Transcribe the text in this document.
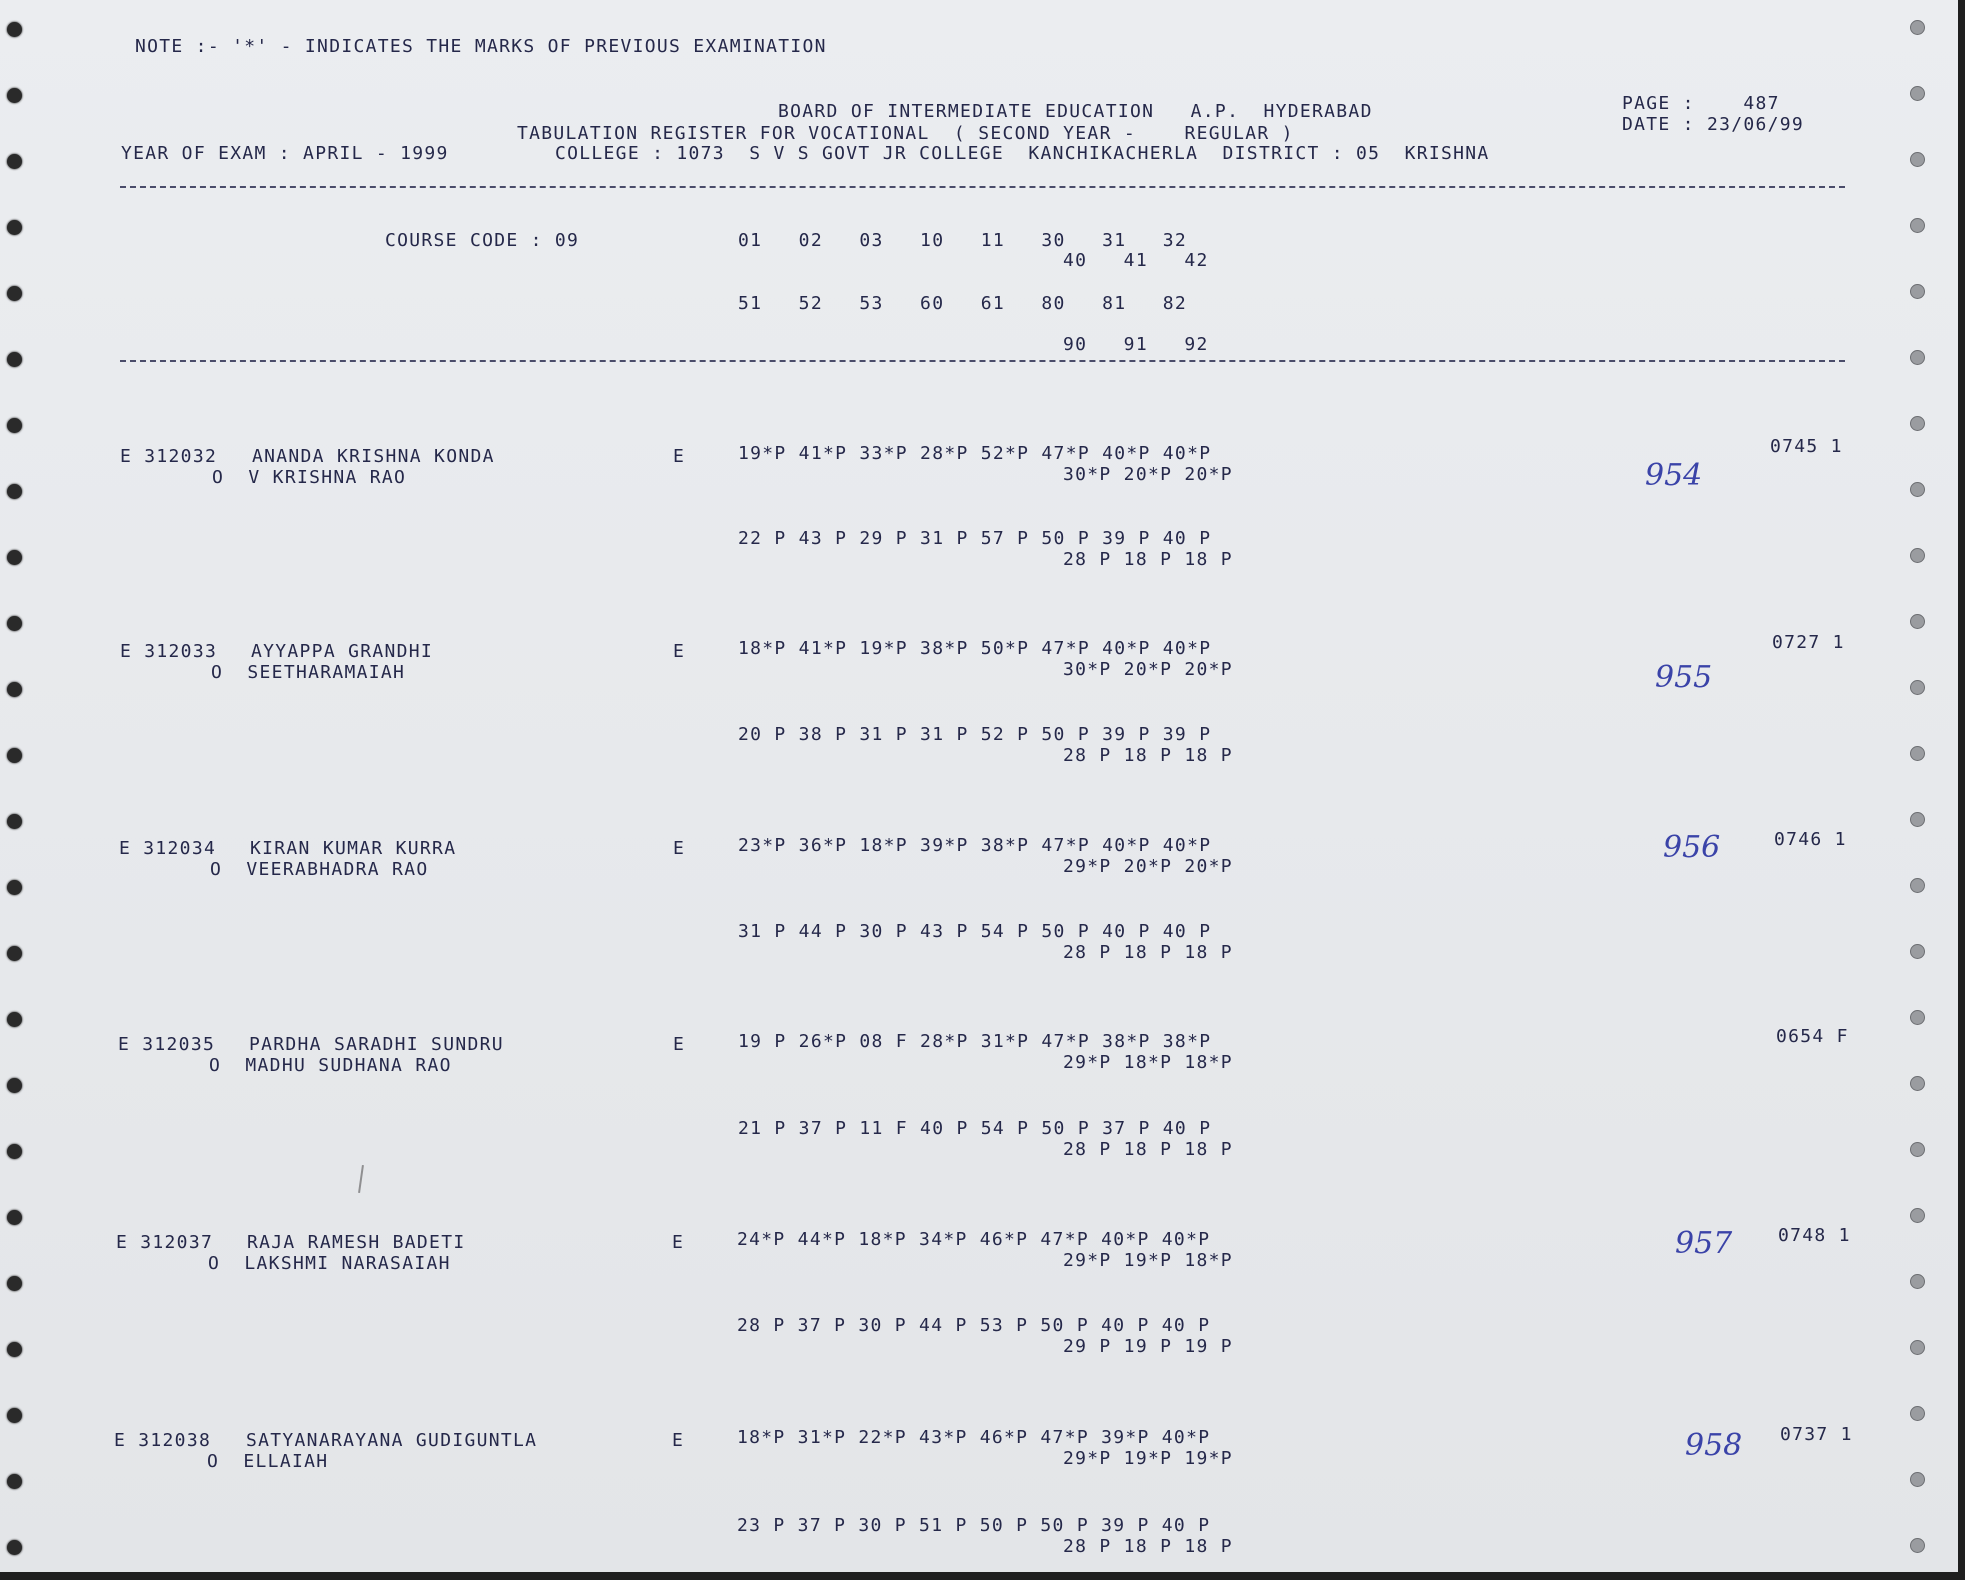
NOTE :- '*' - INDICATES THE MARKS OF PREVIOUS EXAMINATION
BOARD OF INTERMEDIATE EDUCATION   A.P.  HYDERABAD
TABULATION REGISTER FOR VOCATIONAL  ( SECOND YEAR -    REGULAR )
YEAR OF EXAM : APRIL - 1999	COLLEGE : 1073  S V S GOVT JR COLLEGE  KANCHIKACHERLA  DISTRICT : 05  KRISHNA
PAGE :    487
DATE : 23/06/99
COURSE CODE : 09	01   02   03   10   11   30   31   32
40   41   42
51   52   53   60   61   80   81   82
90   91   92
E 312032 ANANDA KRISHNA KONDA
O  V KRISHNA RAO
E	19*P 41*P 33*P 28*P 52*P 47*P 40*P 40*P
30*P 20*P 20*P
22 P 43 P 29 P 31 P 57 P 50 P 39 P 40 P
28 P 18 P 18 P
0745 1
954
E 312033 AYYAPPA GRANDHI
O  SEETHARAMAIAH
E	18*P 41*P 19*P 38*P 50*P 47*P 40*P 40*P
30*P 20*P 20*P
20 P 38 P 31 P 31 P 52 P 50 P 39 P 39 P
28 P 18 P 18 P
0727 1
955
E 312034 KIRAN KUMAR KURRA
O  VEERABHADRA RAO
E	23*P 36*P 18*P 39*P 38*P 47*P 40*P 40*P
29*P 20*P 20*P
31 P 44 P 30 P 43 P 54 P 50 P 40 P 40 P
28 P 18 P 18 P
0746 1
956
E 312035 PARDHA SARADHI SUNDRU
O  MADHU SUDHANA RAO
E	19 P 26*P 08 F 28*P 31*P 47*P 38*P 38*P
29*P 18*P 18*P
21 P 37 P 11 F 40 P 54 P 50 P 37 P 40 P
28 P 18 P 18 P
0654 F
E 312037 RAJA RAMESH BADETI
O  LAKSHMI NARASAIAH
E	24*P 44*P 18*P 34*P 46*P 47*P 40*P 40*P
29*P 19*P 18*P
28 P 37 P 30 P 44 P 53 P 50 P 40 P 40 P
29 P 19 P 19 P
0748 1
957
E 312038 SATYANARAYANA GUDIGUNTLA
O  ELLAIAH
E	18*P 31*P 22*P 43*P 46*P 47*P 39*P 40*P
29*P 19*P 19*P
23 P 37 P 30 P 51 P 50 P 50 P 39 P 40 P
28 P 18 P 18 P
0737 1
958
